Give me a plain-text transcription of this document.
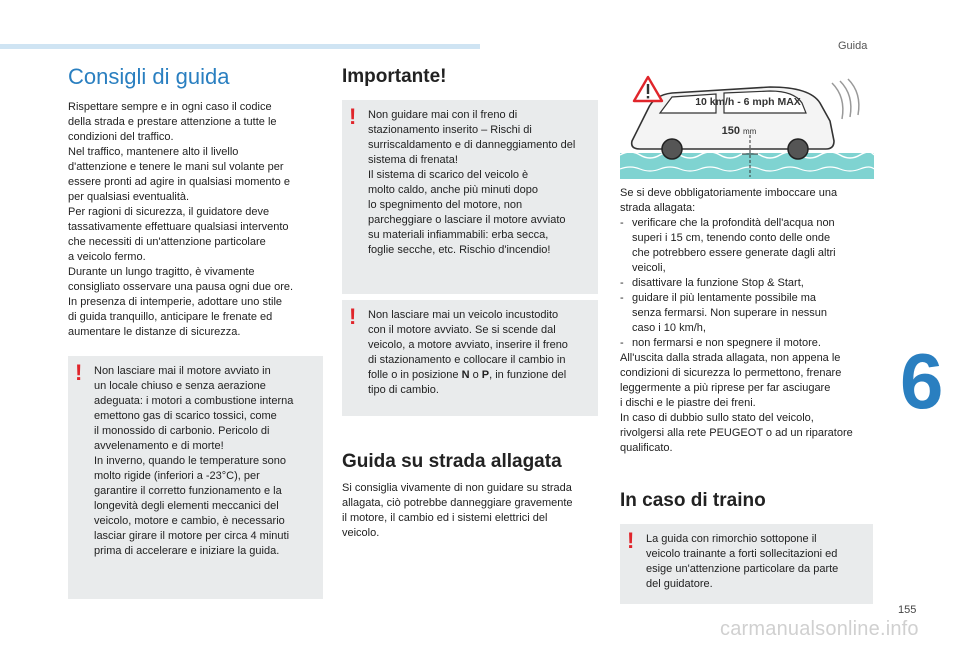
Guida
6
Consigli di guida
Rispettare sempre e in ogni caso il codice
della strada e prestare attenzione a tutte le
condizioni del traffico.
Nel traffico, mantenere alto il livello
d'attenzione e tenere le mani sul volante per
essere pronti ad agire in qualsiasi momento e
per qualsiasi eventualità.
Per ragioni di sicurezza, il guidatore deve
tassativamente effettuare qualsiasi intervento
che necessiti di un'attenzione particolare
a veicolo fermo.
Durante un lungo tragitto, è vivamente
consigliato osservare una pausa ogni due ore.
In presenza di intemperie, adottare uno stile
di guida tranquillo, anticipare le frenate ed
aumentare le distanze di sicurezza.
! Non lasciare mai il motore avviato in
un locale chiuso e senza aerazione
adeguata: i motori a combustione interna
emettono gas di scarico tossici, come
il monossido di carbonio. Pericolo di
avvelenamento e di morte!
In inverno, quando le temperature sono
molto rigide (inferiori a -23°C), per
garantire il corretto funzionamento e la
longevità degli elementi meccanici del
veicolo, motore e cambio, è necessario
lasciar girare il motore per circa 4 minuti
prima di accelerare e iniziare la guida.
Importante!
! Non guidare mai con il freno di
stazionamento inserito – Rischi di
surriscaldamento e di danneggiamento del
sistema di frenata!
Il sistema di scarico del veicolo è
molto caldo, anche più minuti dopo
lo spegnimento del motore, non
parcheggiare o lasciare il motore avviato
su materiali infiammabili: erba secca,
foglie secche, etc. Rischio d'incendio!
! Non lasciare mai un veicolo incustodito
con il motore avviato. Se si scende dal
veicolo, a motore avviato, inserire il freno
di stazionamento e collocare il cambio in
folle o in posizione N o P, in funzione del
tipo di cambio.
Guida su strada allagata
Si consiglia vivamente di non guidare su strada
allagata, ciò potrebbe danneggiare gravemente
il motore, il cambio ed i sistemi elettrici del
veicolo.
10 km/h - 6 mph MAX
150 mm
Se si deve obbligatoriamente imboccare una
strada allagata:
- verificare che la profondità dell'acqua non
superi i 15 cm, tenendo conto delle onde
che potrebbero essere generate dagli altri
veicoli,
- disattivare la funzione Stop & Start,
- guidare il più lentamente possibile ma
senza fermarsi. Non superare in nessun
caso i 10 km/h,
- non fermarsi e non spegnere il motore.
All'uscita dalla strada allagata, non appena le
condizioni di sicurezza lo permettono, frenare
leggermente a più riprese per far asciugare
i dischi e le piastre dei freni.
In caso di dubbio sullo stato del veicolo,
rivolgersi alla rete PEUGEOT o ad un riparatore
qualificato.
In caso di traino
! La guida con rimorchio sottopone il
veicolo trainante a forti sollecitazioni ed
esige un'attenzione particolare da parte
del guidatore.
155
carmanualsonline.info
